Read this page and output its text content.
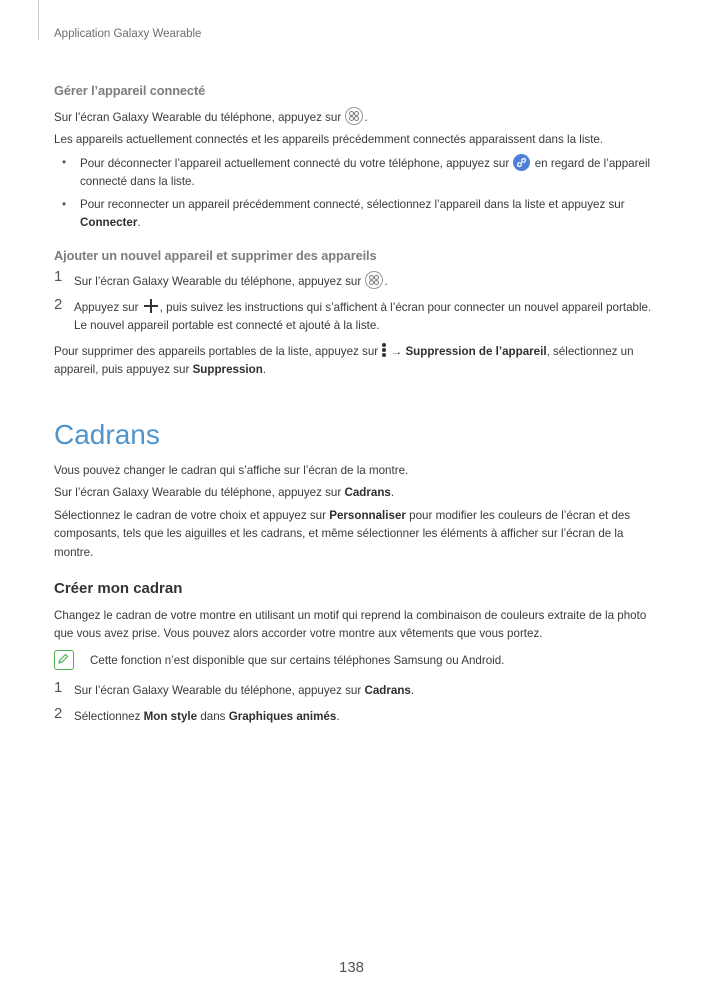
Application Galaxy Wearable
Gérer l’appareil connecté

Sur l’écran Galaxy Wearable du téléphone, appuyez sur .

Les appareils actuellement connectés et les appareils précédemment connectés apparaissent dans la liste.

• Pour déconnecter l’appareil actuellement connecté du votre téléphone, appuyez sur en regard de l’appareil connecté dans la liste.
• Pour reconnecter un appareil précédemment connecté, sélectionnez l’appareil dans la liste et appuyez sur Connecter.
Ajouter un nouvel appareil et supprimer des appareils
1 Sur l’écran Galaxy Wearable du téléphone, appuyez sur .
2 Appuyez sur , puis suivez les instructions qui s’affichent à l’écran pour connecter un nouvel appareil portable.
Le nouvel appareil portable est connecté et ajouté à la liste.

Pour supprimer des appareils portables de la liste, appuyez sur → Suppression de l’appareil, sélectionnez un appareil, puis appuyez sur Suppression.

Cadrans

Vous pouvez changer le cadran qui s’affiche sur l’écran de la montre.

Sur l’écran Galaxy Wearable du téléphone, appuyez sur Cadrans.

Sélectionnez le cadran de votre choix et appuyez sur Personnaliser pour modifier les couleurs de l’écran et des composants, tels que les aiguilles et les cadrans, et même sélectionner les éléments à afficher sur l’écran de la montre.

Créer mon cadran

Changez le cadran de votre montre en utilisant un motif qui reprend la combinaison de couleurs extraite de la photo que vous avez prise. Vous pouvez alors accorder votre montre aux vêtements que vous portez.

Cette fonction n’est disponible que sur certains téléphones Samsung ou Android.
1 Sur l’écran Galaxy Wearable du téléphone, appuyez sur Cadrans.
2 Sélectionnez Mon style dans Graphiques animés.
138
